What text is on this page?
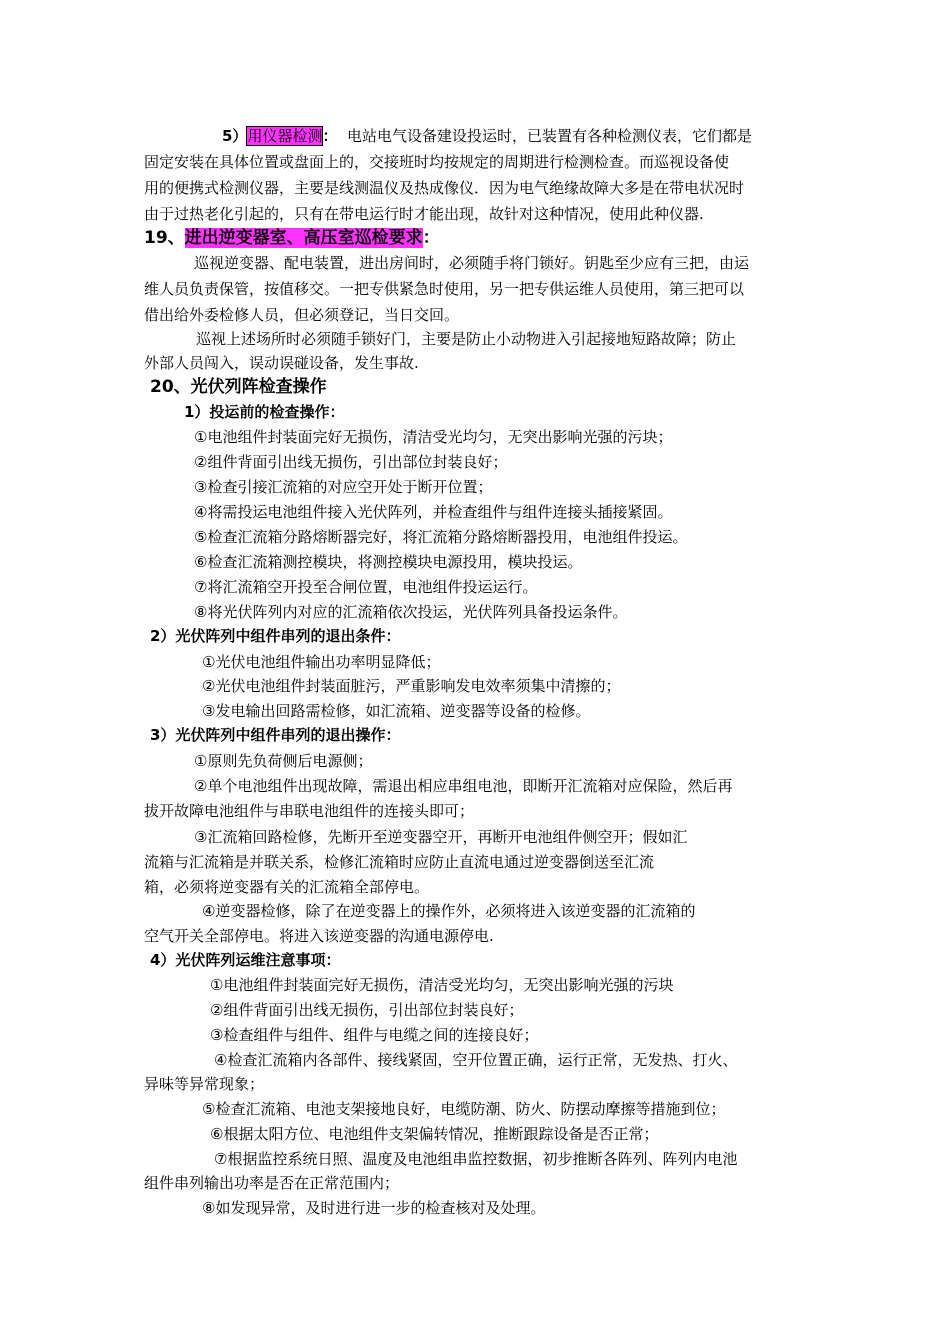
5）用仪器检测： 电站电气设备建设投运时，已装置有各种检测仪表，它们都是
固定安装在具体位置或盘面上的，交接班时均按规定的周期进行检测检查。而巡视设备使
用的便携式检测仪器，主要是线测温仪及热成像仪．因为电气绝缘故障大多是在带电状况时
由于过热老化引起的，只有在带电运行时才能出现，故针对这种情况，使用此种仪器.
19、进出逆变器室、高压室巡检要求：
巡视逆变器、配电装置，进出房间时，必须随手将门锁好。钥匙至少应有三把，由运
维人员负责保管，按值移交。一把专供紧急时使用，另一把专供运维人员使用，第三把可以
借出给外委检修人员，但必须登记，当日交回。
巡视上述场所时必须随手锁好门，主要是防止小动物进入引起接地短路故障；防止
外部人员闯入，误动误碰设备，发生事故.
20、光伏列阵检查操作
1）投运前的检查操作：
①电池组件封装面完好无损伤，清洁受光均匀，无突出影响光强的污块；
②组件背面引出线无损伤，引出部位封装良好；
③检查引接汇流箱的对应空开处于断开位置；
④将需投运电池组件接入光伏阵列，并检查组件与组件连接头插接紧固。
⑤检查汇流箱分路熔断器完好，将汇流箱分路熔断器投用，电池组件投运。
⑥检查汇流箱测控模块，将测控模块电源投用，模块投运。
⑦将汇流箱空开投至合闸位置，电池组件投运运行。
⑧将光伏阵列内对应的汇流箱依次投运，光伏阵列具备投运条件。
2）光伏阵列中组件串列的退出条件：
①光伏电池组件输出功率明显降低；
②光伏电池组件封装面脏污，严重影响发电效率须集中清擦的；
③发电输出回路需检修，如汇流箱、逆变器等设备的检修。
3）光伏阵列中组件串列的退出操作：
①原则先负荷侧后电源侧；
②单个电池组件出现故障，需退出相应串组电池，即断开汇流箱对应保险，然后再
拔开故障电池组件与串联电池组件的连接头即可；
③汇流箱回路检修，先断开至逆变器空开，再断开电池组件侧空开；假如汇
流箱与汇流箱是并联关系，检修汇流箱时应防止直流电通过逆变器倒送至汇流
箱，必须将逆变器有关的汇流箱全部停电。
④逆变器检修，除了在逆变器上的操作外，必须将进入该逆变器的汇流箱的
空气开关全部停电。将进入该逆变器的沟通电源停电.
4）光伏阵列运维注意事项：
①电池组件封装面完好无损伤，清洁受光均匀，无突出影响光强的污块
②组件背面引出线无损伤，引出部位封装良好；
③检查组件与组件、组件与电缆之间的连接良好；
④检查汇流箱内各部件、接线紧固，空开位置正确，运行正常，无发热、打火、
异味等异常现象；
⑤检查汇流箱、电池支架接地良好，电缆防潮、防火、防摆动摩擦等措施到位；
⑥根据太阳方位、电池组件支架偏转情况，推断跟踪设备是否正常；
⑦根据监控系统日照、温度及电池组串监控数据，初步推断各阵列、阵列内电池
组件串列输出功率是否在正常范围内；
⑧如发现异常，及时进行进一步的检查核对及处理。
